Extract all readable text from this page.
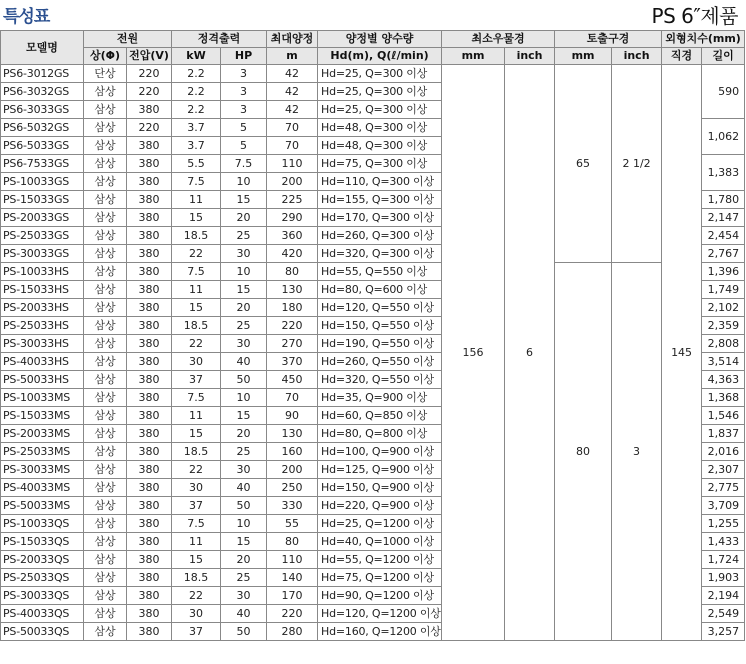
특성표	PS 6″제품
모델명	전원		정격출력		최대양정	양정별 양수량	최소우물경		토출구경		외형치수(mm)	
	상(Φ)	전압(V)	kW	HP	m	Hd(m), Q(ℓ/min)	mm	inch	mm	inch	직경	길이
PS6-3012GS	단상	220	2.2	3	42	Hd=25, Q=300 이상	156	6	65	2 1/2	145	590
PS6-3032GS	삼상	220	2.2	3	42	Hd=25, Q=300 이상						
PS6-3033GS	삼상	380	2.2	3	42	Hd=25, Q=300 이상						
PS6-5032GS	삼상	220	3.7	5	70	Hd=48, Q=300 이상						1,062
PS6-5033GS	삼상	380	3.7	5	70	Hd=48, Q=300 이상						
PS6-7533GS	삼상	380	5.5	7.5	110	Hd=75, Q=300 이상						1,383
PS-10033GS	삼상	380	7.5	10	200	Hd=110, Q=300 이상						
PS-15033GS	삼상	380	11	15	225	Hd=155, Q=300 이상						1,780
PS-20033GS	삼상	380	15	20	290	Hd=170, Q=300 이상						2,147
PS-25033GS	삼상	380	18.5	25	360	Hd=260, Q=300 이상						2,454
PS-30033GS	삼상	380	22	30	420	Hd=320, Q=300 이상						2,767
PS-10033HS	삼상	380	7.5	10	80	Hd=55, Q=550 이상			80	3		1,396
PS-15033HS	삼상	380	11	15	130	Hd=80, Q=600 이상						1,749
PS-20033HS	삼상	380	15	20	180	Hd=120, Q=550 이상						2,102
PS-25033HS	삼상	380	18.5	25	220	Hd=150, Q=550 이상						2,359
PS-30033HS	삼상	380	22	30	270	Hd=190, Q=550 이상						2,808
PS-40033HS	삼상	380	30	40	370	Hd=260, Q=550 이상						3,514
PS-50033HS	삼상	380	37	50	450	Hd=320, Q=550 이상						4,363
PS-10033MS	삼상	380	7.5	10	70	Hd=35, Q=900 이상						1,368
PS-15033MS	삼상	380	11	15	90	Hd=60, Q=850 이상						1,546
PS-20033MS	삼상	380	15	20	130	Hd=80, Q=800 이상						1,837
PS-25033MS	삼상	380	18.5	25	160	Hd=100, Q=900 이상						2,016
PS-30033MS	삼상	380	22	30	200	Hd=125, Q=900 이상						2,307
PS-40033MS	삼상	380	30	40	250	Hd=150, Q=900 이상						2,775
PS-50033MS	삼상	380	37	50	330	Hd=220, Q=900 이상						3,709
PS-10033QS	삼상	380	7.5	10	55	Hd=25, Q=1200 이상						1,255
PS-15033QS	삼상	380	11	15	80	Hd=40, Q=1000 이상						1,433
PS-20033QS	삼상	380	15	20	110	Hd=55, Q=1200 이상						1,724
PS-25033QS	삼상	380	18.5	25	140	Hd=75, Q=1200 이상						1,903
PS-30033QS	삼상	380	22	30	170	Hd=90, Q=1200 이상						2,194
PS-40033QS	삼상	380	30	40	220	Hd=120, Q=1200 이상						2,549
PS-50033QS	삼상	380	37	50	280	Hd=160, Q=1200 이상						3,257
